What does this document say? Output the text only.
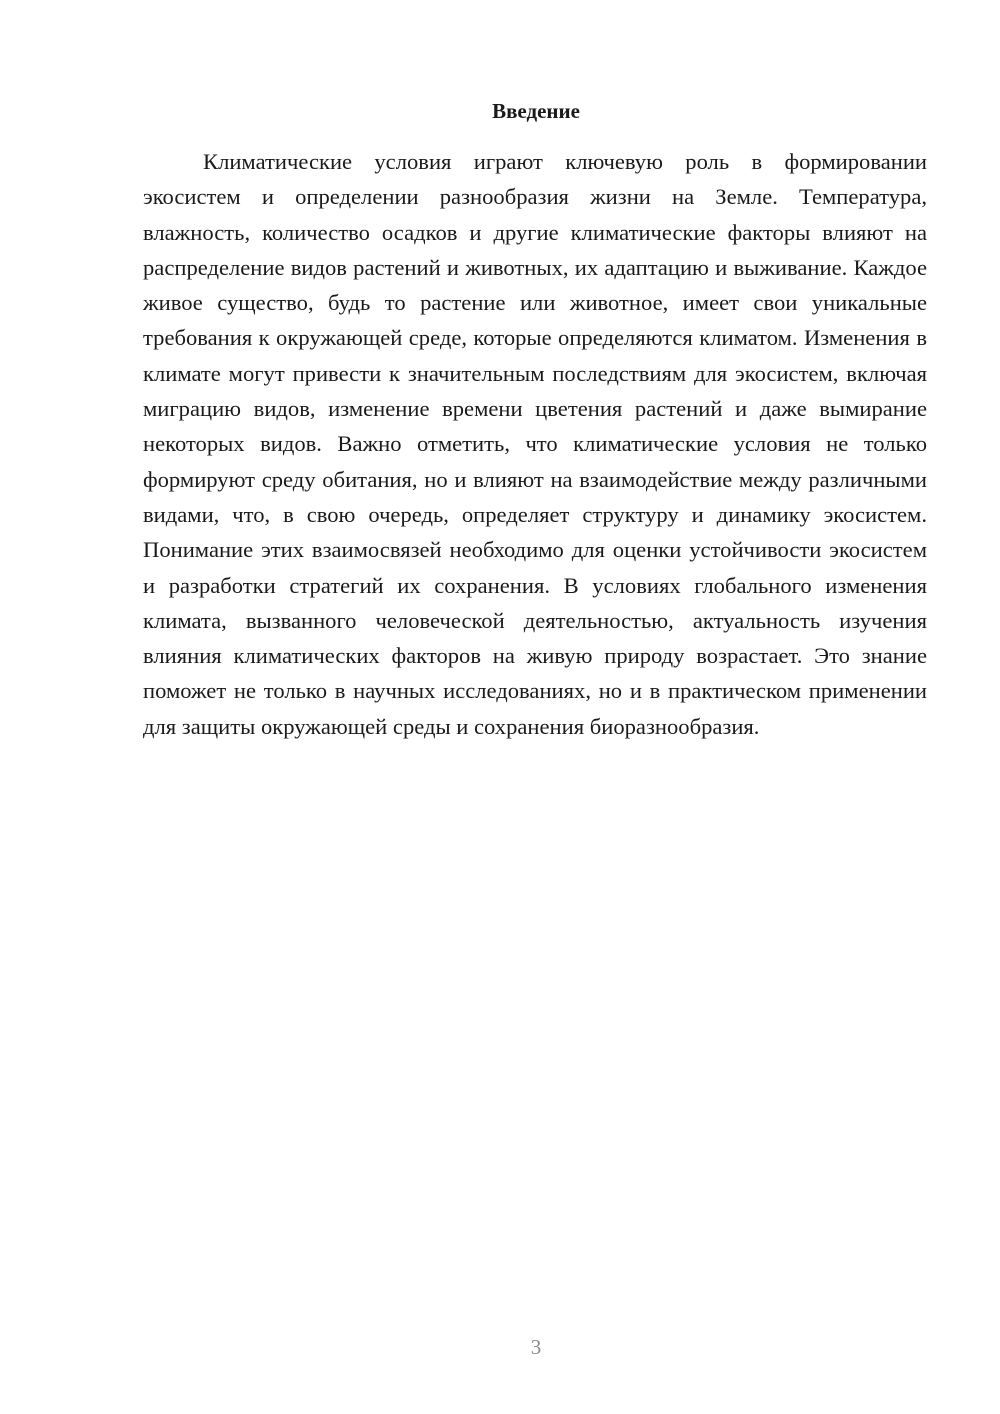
Введение

Климатические условия играют ключевую роль в формировании экосистем и определении разнообразия жизни на Земле. Температура, влажность, количество осадков и другие климатические факторы влияют на распределение видов растений и животных, их адаптацию и выживание. Каждое живое существо, будь то растение или животное, имеет свои уникальные требования к окружающей среде, которые определяются климатом. Изменения в климате могут привести к значительным последствиям для экосистем, включая миграцию видов, изменение времени цветения растений и даже вымирание некоторых видов. Важно отметить, что климатические условия не только формируют среду обитания, но и влияют на взаимодействие между различными видами, что, в свою очередь, определяет структуру и динамику экосистем. Понимание этих взаимосвязей необходимо для оценки устойчивости экосистем и разработки стратегий их сохранения. В условиях глобального изменения климата, вызванного человеческой деятельностью, актуальность изучения влияния климатических факторов на живую природу возрастает. Это знание поможет не только в научных исследованиях, но и в практическом применении для защиты окружающей среды и сохранения биоразнообразия.

3
